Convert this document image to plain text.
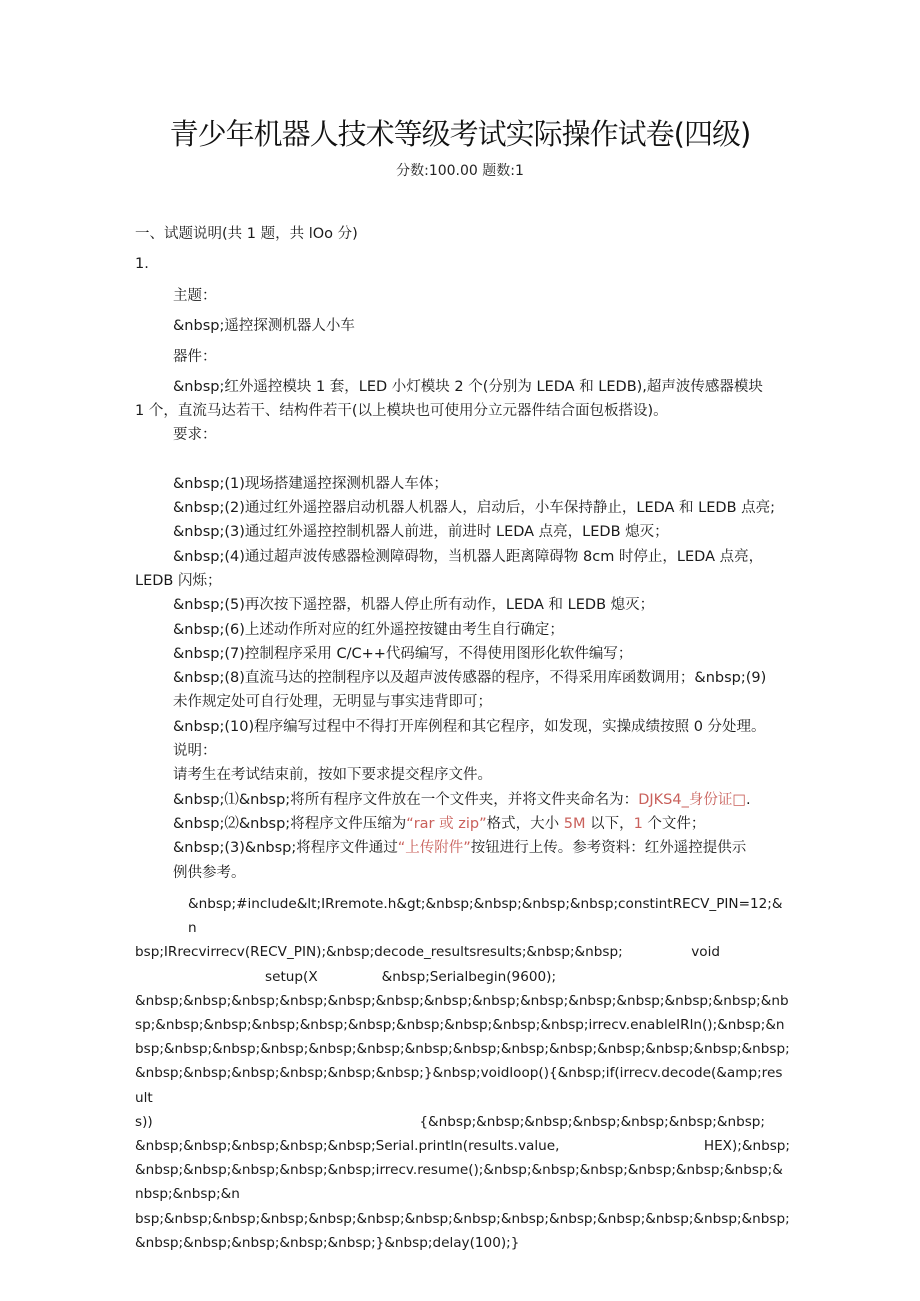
青少年机器人技术等级考试实际操作试卷(四级)
分数:100.00 题数:1
一、试题说明(共 1 题，共 lOo 分)
1.

主题：

&nbsp;遥控探测机器人小车

器件：

&nbsp;红外遥控模块 1 套，LED 小灯模块 2 个(分别为 LEDA 和 LEDB),超声波传感器模块

1 个，直流马达若干、结构件若干(以上模块也可使用分立元器件结合面包板搭设)。

要求：

&nbsp;(1)现场搭建遥控探测机器人车体；

&nbsp;(2)通过红外遥控器启动机器人机器人，启动后，小车保持静止，LEDA 和 LEDB 点亮;

&nbsp;(3)通过红外遥控控制机器人前进，前进时 LEDA 点亮，LEDB 熄灭；

&nbsp;(4)通过超声波传感器检测障碍物，当机器人距离障碍物 8cm 时停止，LEDA 点亮，

LEDB 闪烁；

&nbsp;(5)再次按下遥控器，机器人停止所有动作，LEDA 和 LEDB 熄灭；

&nbsp;(6)上述动作所对应的红外遥控按键由考生自行确定；

&nbsp;(7)控制程序采用 C/C++代码编写，不得使用图形化软件编写；

&nbsp;(8)直流马达的控制程序以及超声波传感器的程序，不得采用库函数调用；&nbsp;(9)

未作规定处可自行处理，无明显与事实违背即可；

&nbsp;(10)程序编写过程中不得打开库例程和其它程序，如发现，实操成绩按照 0 分处理。

说明：

请考生在考试结束前，按如下要求提交程序文件。

&nbsp;⑴&nbsp;将所有程序文件放在一个文件夹，并将文件夹命名为：DJKS4_身份证□.

&nbsp;⑵&nbsp;将程序文件压缩为“rar 或 zip”格式，大小 5M 以下，1 个文件；

&nbsp;(3)&nbsp;将程序文件通过“上传附件”按钮进行上传。参考资料：红外遥控提供示

例供参考。

&nbsp;#include&lt;IRremote.h&gt;&nbsp;&nbsp;&nbsp;&nbsp;constintRECV_PIN=12;&n

bsp;IRrecvirrecv(RECV_PIN);&nbsp;decode_resultsresults;&nbsp;&nbsp;	void

setup(X	&nbsp;Serialbegin(9600);

&nbsp;&nbsp;&nbsp;&nbsp;&nbsp;&nbsp;&nbsp;&nbsp;&nbsp;&nbsp;&nbsp;&nbsp;&nbsp;&nb

sp;&nbsp;&nbsp;&nbsp;&nbsp;&nbsp;&nbsp;&nbsp;&nbsp;&nbsp;irrecv.enableIRln();&nbsp;&n

bsp;&nbsp;&nbsp;&nbsp;&nbsp;&nbsp;&nbsp;&nbsp;&nbsp;&nbsp;&nbsp;&nbsp;&nbsp;&nbsp;

&nbsp;&nbsp;&nbsp;&nbsp;&nbsp;&nbsp;}&nbsp;voidloop(){&nbsp;if(irrecv.decode(&amp;result

s))	{&nbsp;&nbsp;&nbsp;&nbsp;&nbsp;&nbsp;&nbsp;

&nbsp;&nbsp;&nbsp;&nbsp;&nbsp;Serial.println(results.value,	HEX);&nbsp;

&nbsp;&nbsp;&nbsp;&nbsp;&nbsp;irrecv.resume();&nbsp;&nbsp;&nbsp;&nbsp;&nbsp;&nbsp;&nbsp;&nbsp;&n

bsp;&nbsp;&nbsp;&nbsp;&nbsp;&nbsp;&nbsp;&nbsp;&nbsp;&nbsp;&nbsp;&nbsp;&nbsp;&nbsp;

&nbsp;&nbsp;&nbsp;&nbsp;&nbsp;}&nbsp;delay(100);}
